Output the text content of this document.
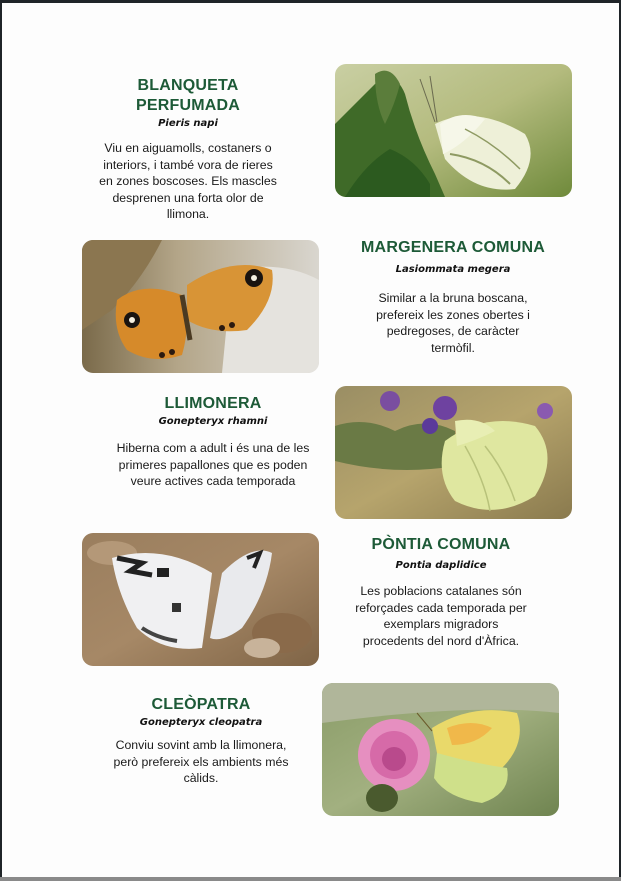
BLANQUETA PERFUMADA
Pieris napi
Viu en aiguamolls, costaners o interiors, i també vora de rieres en zones boscoses. Els mascles desprenen una forta olor de llimona.
MARGENERA COMUNA
Lasiommata megera
Similar a la bruna boscana, prefereix les zones obertes i pedregoses, de caràcter termòfil.
LLIMONERA
Gonepteryx rhamni
Hiberna com a adult i és una de les primeres papallones que es poden veure actives cada temporada
PÒNTIA COMUNA
Pontia daplidice
Les poblacions catalanes són reforçades cada temporada per exemplars migradors procedents del nord d'Àfrica.
CLEÒPATRA
Gonepteryx cleopatra
Conviu sovint amb la llimonera, però prefereix els ambients més càlids.
